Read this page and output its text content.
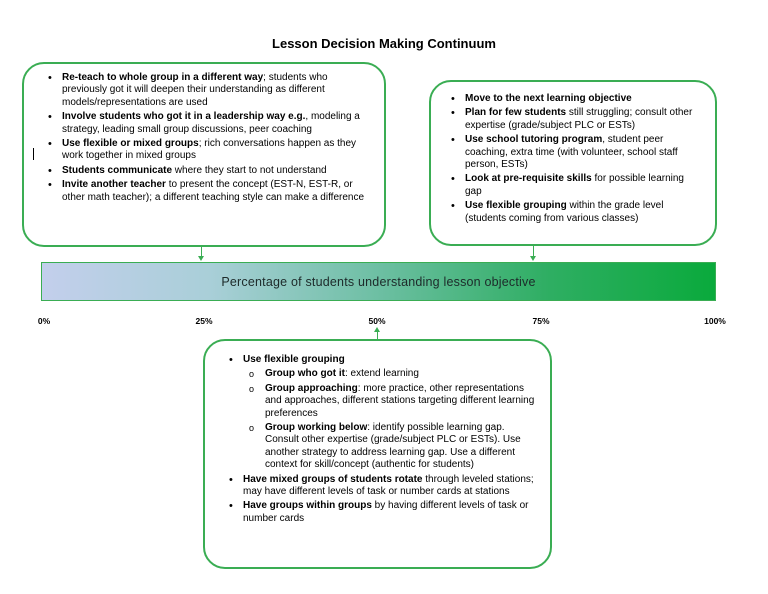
Lesson Decision Making Continuum
• Re-teach to whole group in a different way; students who previously got it will deepen their understanding as different models/representations are used
• Involve students who got it in a leadership way e.g., modeling a strategy, leading small group discussions, peer coaching
• Use flexible or mixed groups; rich conversations happen as they work together in mixed groups
• Students communicate where they start to not understand
• Invite another teacher to present the concept (EST-N, EST-R, or other math teacher); a different teaching style can make a difference
• Move to the next learning objective
• Plan for few students still struggling; consult other expertise (grade/subject PLC or ESTs)
• Use school tutoring program, student peer coaching, extra time (with volunteer, school staff person, ESTs)
• Look at pre-requisite skills for possible learning gap
• Use flexible grouping within the grade level (students coming from various classes)
Percentage of students understanding lesson objective
0%	25%	50%	75%	100%
• Use flexible grouping
o Group who got it: extend learning
o Group approaching: more practice, other representations and approaches, different stations targeting different learning preferences
o Group working below: identify possible learning gap. Consult other expertise (grade/subject PLC or ESTs). Use another strategy to address learning gap. Use a different context for skill/concept (authentic for students)
• Have mixed groups of students rotate through leveled stations; may have different levels of task or number cards at stations
• Have groups within groups by having different levels of task or number cards
